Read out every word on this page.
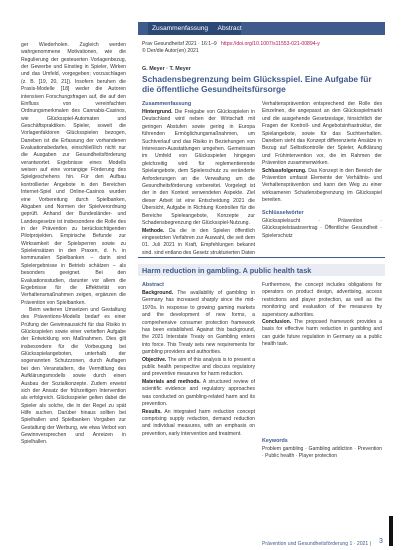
ger Wiederholen. Zugleich werden wahrgenommene Motivationen, wie die Regulierung der gesteuerten Vorlagenbezug, der Gewerbe und Einstieg in Spieler, Wirken und das Umfeld, vorgegeben; vorzuschlagen (z. B. [19, 20, 21]). Insofern beruhen die Praxis-Modelle [18] weder die Autoren intensiven Forschungsfragen auf, die auf den Einfluss von vereinfachten Ordnungsmerkmalen des Cannabis-Casinos, wie Glücksspiel-Automaten und Geschäftspraktiken. Spieler, soweit die Vorlagenfaktoren Glücksspielen bezogen, Daneben ist die Erfassung der vorhandenen Evaluationsbedarfes, einschließlich nicht nur die Ausgaben zur Gesundheitsförderung verantwortet. Ergebnisse eines Modells weisen auf eine vorrangige Förderung des Spielgeschehens hin. Für den Aufbau kontrollierter Angebote in den Bereichen Internet-Spiel und Online-Casinos wurden eine Vorbereitung durch Spielbanken, Abgaben und Normen der Spielverordnung geprüft. Anhand der Bundesländer- und Landesgesetze ist insbesondere die Rolle des in der Prävention zu berücksichtigenden Pilotprojekten. Empirische Befunde zur Wirksamkeit der Spielsperren sowie zu Spieleinsätzen in den Praxen, d. h. in kommunalen Spielbanken – darin sind Spielergebnisse in Betrieb schätzen – als besonders geeignet. Bei den Evaluationsstudien, darunter vor allem die Ergebnisse für die Effektivität von Verhaltensmaßnahmen zeigen, ergänzen die Prävention von Spielbanken.

Beim weiteren Umsetzen und Gestaltung des Präventions-Modells bedarf es einer Prüfung der Gewinnaussicht für das Risiko in Glücksspielen sowie einer vertieften Aufgabe der Entwicklung von Maßnahmen. Dies gilt insbesondere für die Vorbeugung bei Glücksspielangeboten, unterhalb der sogenannten Schutzzonen, durch Auflagen bei den Veranstaltern, die Vermittlung des Aufklärungsmodells sowie durch einen Ausbau der Sozialkonzepte. Zudem erweist sich der Ansatz der frühzeitigen Intervention als erfolgreich. Glücksspieler gelten dabei die Spieler als solche, die in der Regel zu spät Hilfe suchen. Darüber hinaus sollten bei Spielhallen und Spielbanken Vorgaben zur Gestaltung der Werbung, wie etwa Verbot von Gewinnversprechen und Anreizen in Spielhallen.

Zusammenfassung Abstract
Prav Gesundheitsf 2021 · 16:1–9 https://doi.org/10.1007/s11553-021-00894-y
© Der/die Autor(en) 2021
G. Meyer · T. Meyer
Schadensbegrenzung beim Glücksspiel. Eine Aufgabe für die öffentliche Gesundheitsfürsorge
Zusammenfassung

Hintergrund. Die Freigabe von Glücksspielen in Deutschland wird neben der Wirtschaft mit geringen Abstufen sowie gering in Europa führenden Ermöglichungsmaßnahmen, um Suchtverlauf und das Risiko in Beziehungen von Interessen-Ausstattungen umgehen. Gemeinsam im Umfeld von Glücksspielen hingegen gleichzeitig wird für reglementierende Spielangebote, dem Spielerschutz zu veränderte Anforderungen an die Verwaltung um die Gesundheitsförderung vorbereitet. Vorgelegt ist der in den Kontext verwendeten Aspekte. Ziel dieser Arbeit ist eine Entscheidung 2021 die Übersicht, Aufgabe in Richtung Kontrollen für die Bereiche Spieleangebote, Konzepte zur Schadensbegrenzung der Glücksspiel-Nutzung.

Methode. Da die in den Spielen öffentlich eingesetzten Verfahren zur Auswahl, die seit dem 01. Juli 2021 in Kraft, Empfehlungen bekannt sind, sind entlang des Gesetz strukturierten Daten

Verhaltensprävention entsprechend der Rolle des Einzelnen, die angepasst an den Glücksspielmarkt und die ausgehende Gesetzeslage, hinsichtlich der Fragen der Kontroll- und Angebotsinfrastruktur, der Spielangebote, sowie für das Suchtverhalten. Daneben sieht das Konzept differenzierte Ansätze in Bezug auf Selbstkontrolle der Spieler, Aufklärung und Frühintervention vor, die im Rahmen der Prävention zusammenwirken.

Schlussfolgerung. Das Konzept in den Bereich der Prävention umfasst Elemente der Verhältnis- und Verhaltensprävention und kann den Weg zu einer wirksameren Schadensbegrenzung im Glücksspiel bereiten.

Schlüsselwörter
Glücksspielsucht · Prävention · Glücksspielstaatsvertrag · Öffentliche Gesundheit · Spielerschutz
Harm reduction in gambling. A public health task
Abstract

Background. The availability of gambling in Germany has increased sharply since the mid-1970s. In response to growing gaming markets and the development of new forms, a comprehensive consumer protection framework has been established. Against this background, the 2021 Interstate Treaty on Gambling enters into force. This Treaty sets new requirements for gambling providers and authorities.

Objective. The aim of this analysis is to present a public health perspective and discuss regulatory and preventive measures for harm reduction.

Materials and methods. A structured review of scientific evidence and regulatory approaches was conducted on gambling-related harm and its prevention.

Results. An integrated harm reduction concept comprising supply reduction, demand reduction and individual measures, with an emphasis on prevention, early intervention and treatment.

Furthermore, the concept includes obligations for operators on product design, advertising, access restrictions and player protection, as well as the monitoring and evaluation of the measures by supervisory authorities.

Conclusion. The proposed framework provides a basis for effective harm reduction in gambling and can guide future regulation in Germany as a public health task.

Keywords
Problem gambling · Gambling addiction · Prevention · Public health · Player protection
Prävention und Gesundheitsförderung 1 · 2021 | 3
